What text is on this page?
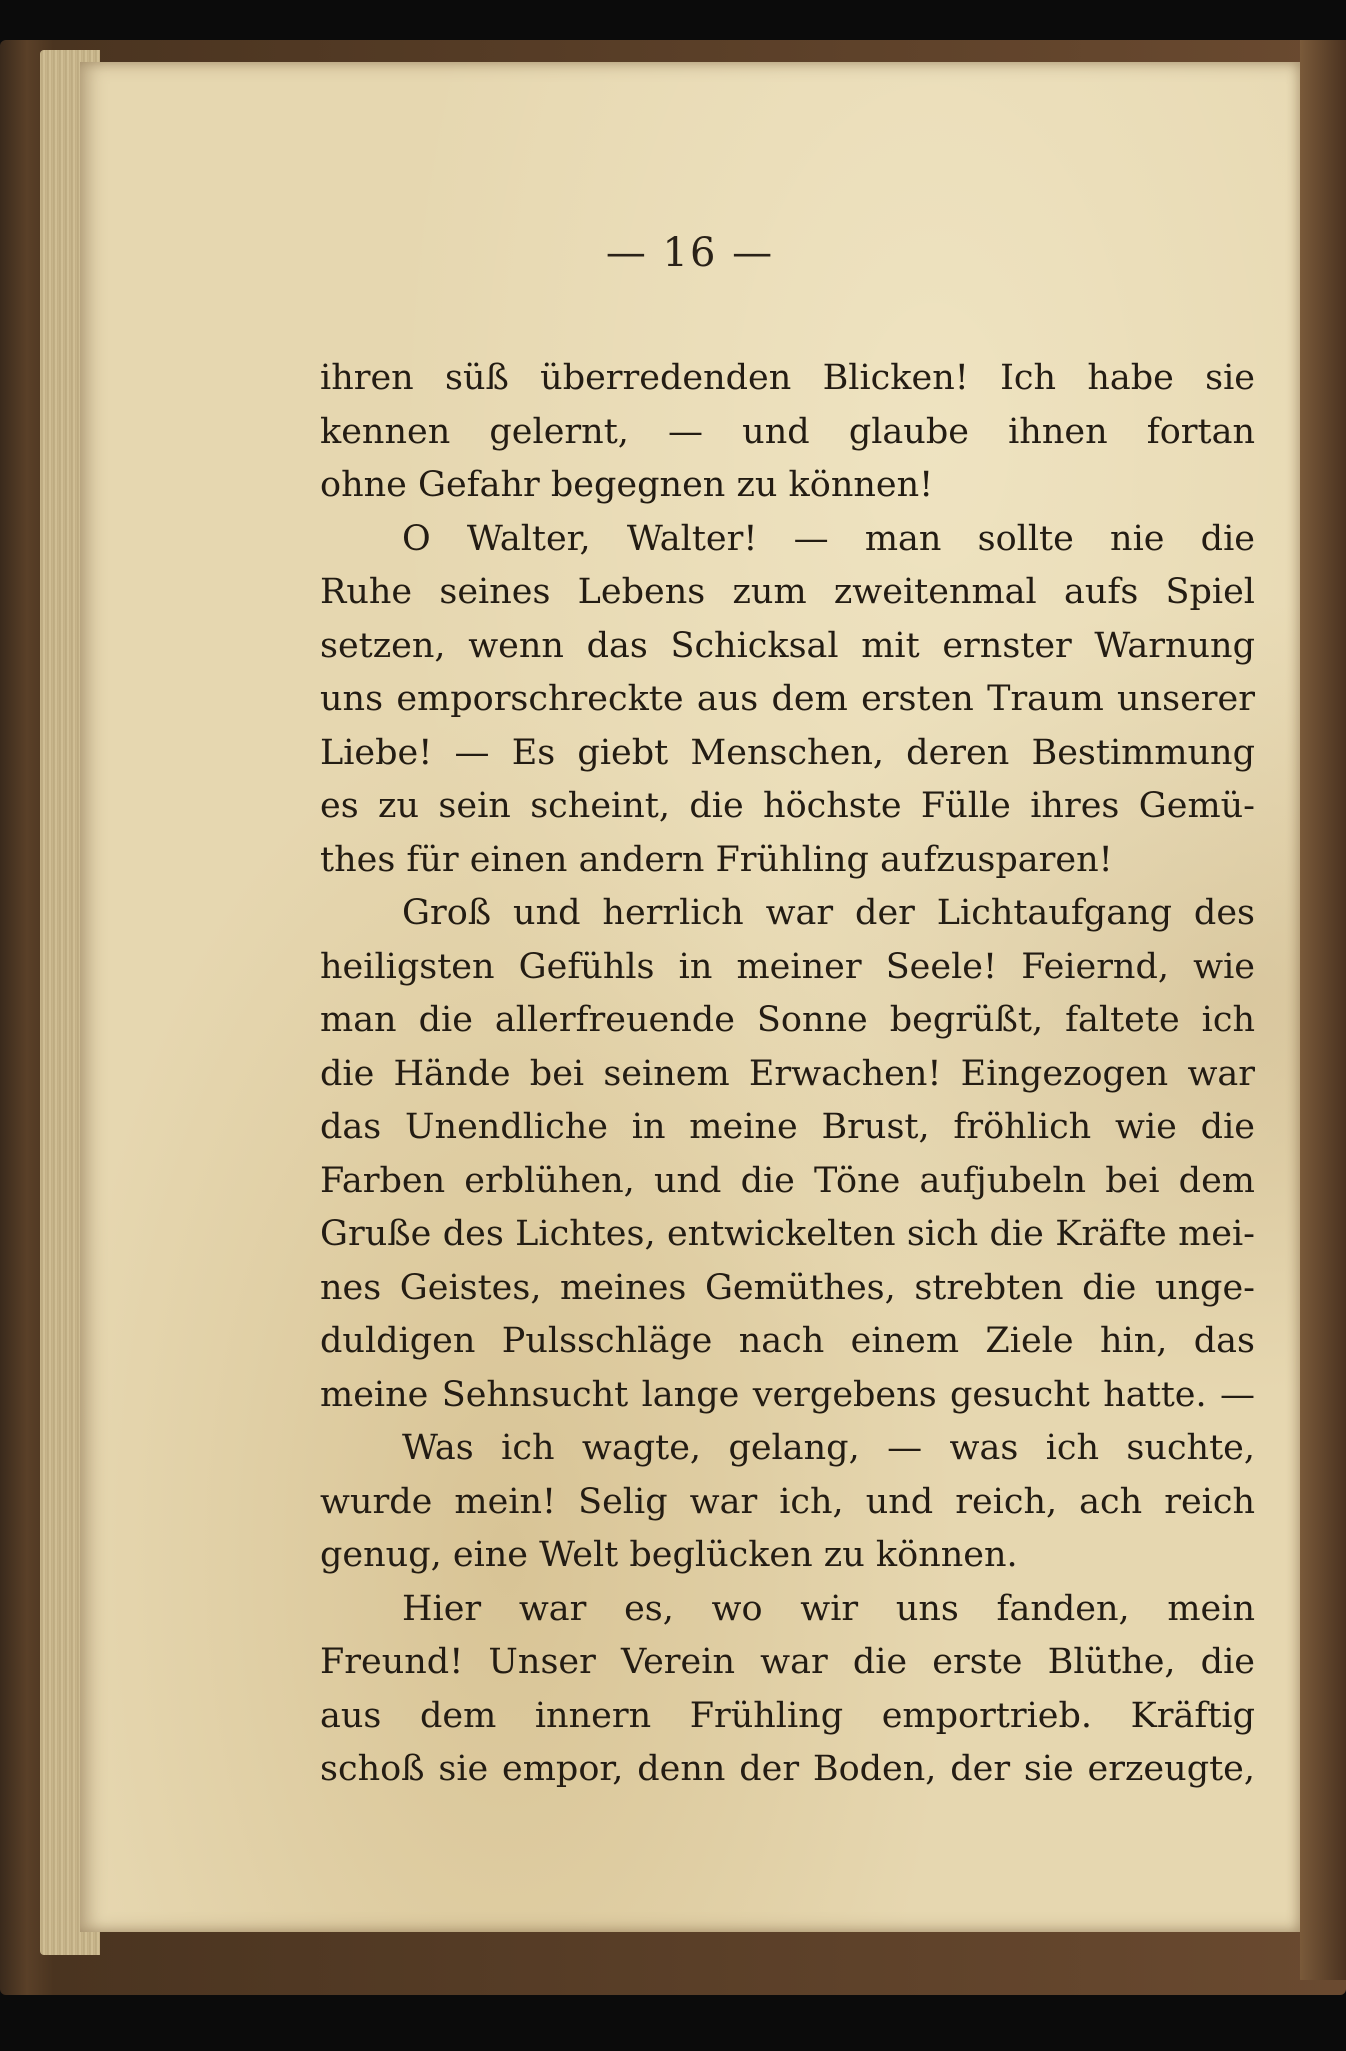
— 16 —
ihren süß überredenden Blicken! Ich habe sie
kennen gelernt, — und glaube ihnen fortan
ohne Gefahr begegnen zu können!
O Walter, Walter! — man sollte nie die
Ruhe seines Lebens zum zweitenmal aufs Spiel
setzen, wenn das Schicksal mit ernster Warnung
uns emporschreckte aus dem ersten Traum unserer
Liebe! — Es giebt Menschen, deren Bestimmung
es zu sein scheint, die höchste Fülle ihres Gemü-
thes für einen andern Frühling aufzusparen!
Groß und herrlich war der Lichtaufgang des
heiligsten Gefühls in meiner Seele! Feiernd, wie
man die allerfreuende Sonne begrüßt, faltete ich
die Hände bei seinem Erwachen! Eingezogen war
das Unendliche in meine Brust, fröhlich wie die
Farben erblühen, und die Töne aufjubeln bei dem
Gruße des Lichtes, entwickelten sich die Kräfte mei-
nes Geistes, meines Gemüthes, strebten die unge-
duldigen Pulsschläge nach einem Ziele hin, das
meine Sehnsucht lange vergebens gesucht hatte. —
Was ich wagte, gelang, — was ich suchte,
wurde mein! Selig war ich, und reich, ach reich
genug, eine Welt beglücken zu können.
Hier war es, wo wir uns fanden, mein
Freund! Unser Verein war die erste Blüthe, die
aus dem innern Frühling emportrieb. Kräftig
schoß sie empor, denn der Boden, der sie erzeugte,
